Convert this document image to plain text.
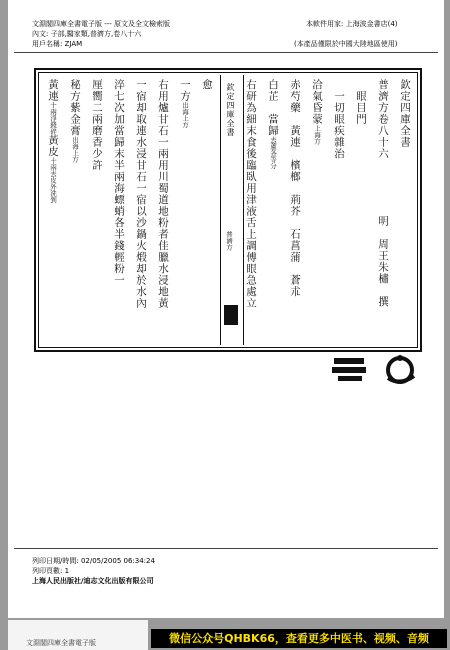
文淵閣四庫全書電子版 --- 原文及全文檢索版
內文: 子部,醫家類,普濟方,卷八十六
用戶名稱: ZJAM
本軟件用家: 上海波金書店(4)
(本產品僅限於中國大陸地區使用)
欽定四庫全書
普濟方卷八十六明　周王朱橚　撰
　眼目門
　一切眼疾雜治
洽氣昏蒙上海方
赤芍藥　黃連　檳榔　荊芥　石菖蒲　蒼朮
白芷　當歸去蘆各等分
右研為細末食後臨臥用津液舌上調傅眼急處立
欽定四庫全書
普濟方
愈
一方出海上方
右用爐甘石一兩用川蜀道地粉者佳臘水浸地黃
一宿却取連水浸甘石一宿以沙鍋火煅却於水內
淬七次加當歸末半兩海螵蛸各半錢輕粉一
厘嚮二兩磨香少許
秘方紫金膏出海上方
黃連十兩淨錢碎黃皮十兩去皮外洗剉
列印日期/時間: 02/05/2005 06:34:24
列印頁數: 1
上海人民出版社/迪志文化出版有限公司
文淵閣四庫全書電子版	微信公众号QHBK66，查看更多中医书、视频、音频
